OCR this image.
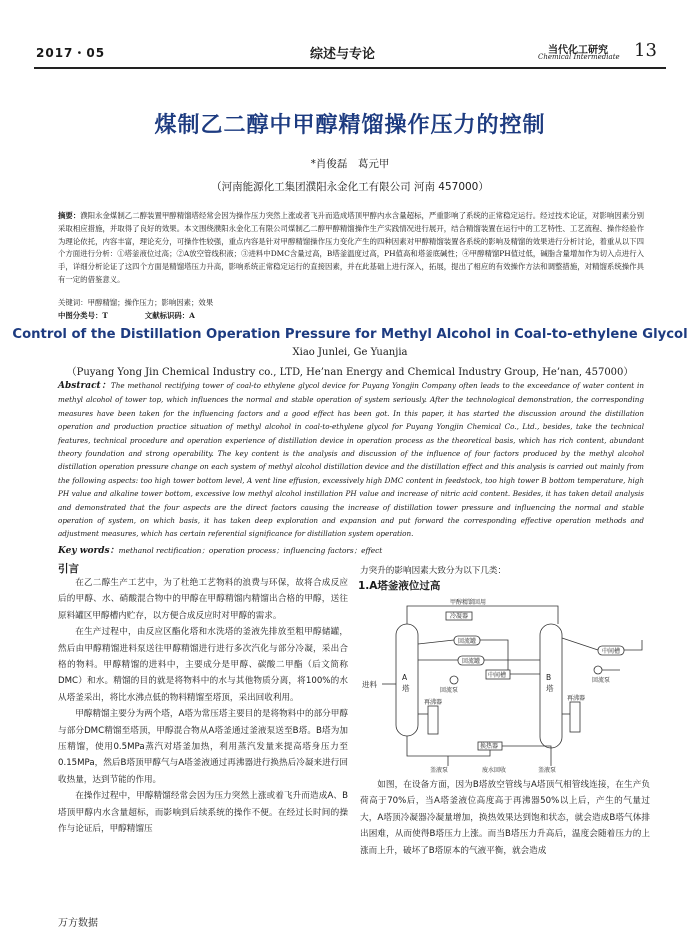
2017・05	综述与专论	当代化工研究
Chemical Intermediate 13
煤制乙二醇中甲醇精馏操作压力的控制
*肖俊磊　葛元甲
（河南能源化工集团濮阳永金化工有限公司 河南 457000）
摘要：濮阳永金煤制乙二醇装置甲醇精馏塔经常会因为操作压力突然上涨或者飞升而造成塔顶甲醇内水含量超标，严重影响了系统的正常稳定运行。经过技术论证，对影响因素分别采取相应措施，并取得了良好的效果。本文围绕濮阳永金化工有限公司煤制乙二醇甲醇精馏操作生产实践情况进行展开，结合精馏装置在运行中的工艺特性、工艺流程、操作经验作为理论依托，内容丰富，理论充分，可操作性较强，重点内容是针对甲醇精馏操作压力变化产生的四种因素对甲醇精馏装置各系统的影响及精馏的效果进行分析讨论，着重从以下四个方面进行分析：①塔釜液位过高；②A放空管线积液；③进料中DMC含量过高，B塔釜温度过高，PH值高和塔釜底碱性；④甲醇精馏PH值过低，碱脂含量增加作为切入点进行入手，详细分析论证了这四个方面是精馏塔压力升高，影响系统正常稳定运行的直接因素，并在此基础上进行深入，拓展，提出了相应的有效操作方法和调整措施，对精馏系统操作具有一定的借鉴意义。
关键词：甲醇精馏；操作压力；影响因素；效果
中图分类号：T　　　　　文献标识码：A
Control of the Distillation Operation Pressure for Methyl Alcohol in Coal-to-ethylene Glycol
Xiao Junlei, Ge Yuanjia
（Puyang Yong Jin Chemical Industry co., LTD, He’nan Energy and Chemical Industry Group, He’nan, 457000）
Abstract：The methanol rectifying tower of coal-to ethylene glycol device for Puyang Yongjin Company often leads to the exceedance of water content in methyl alcohol of tower top, which influences the normal and stable operation of system seriously. After the technological demonstration, the corresponding measures have been taken for the influencing factors and a good effect has been got. In this paper, it has started the discussion around the distillation operation and production practice situation of methyl alcohol in coal-to-ethylene glycol for Puyang Yongjin Chemical Co., Ltd., besides, take the technical features, technical procedure and operation experience of distillation device in operation process as the theoretical basis, which has rich content, abundant theory foundation and strong operability. The key content is the analysis and discussion of the influence of four factors produced by the methyl alcohol distillation operation pressure change on each system of methyl alcohol distillation device and the distillation effect and this analysis is carried out mainly from the following aspects: too high tower bottom level, A vent line effusion, excessively high DMC content in feedstock, too high tower B bottom temperature, high PH value and alkaline tower bottom, excessive low methyl alcohol instillation PH value and increase of nitric acid content. Besides, it has taken detail analysis and demonstrated that the four aspects are the direct factors causing the increase of distillation tower pressure and influencing the normal and stable operation of system, on which basis, it has taken deep exploration and expansion and put forward the corresponding effective operation methods and adjustment measures, which has certain referential significance for distillation system operation.
Key words：methanol rectification；operation process；influencing factors；effect
引言

在乙二醇生产工艺中，为了杜绝工艺物料的浪费与环保，故将合成反应后的甲醇、水、硝酸混合物中的甲醇在甲醇精馏内精馏出合格的甲醇，送往原料罐区甲醇槽内贮存，以方便合成反应时对甲醇的需求。

在生产过程中，由反应区酯化塔和水洗塔的釜液先排放至粗甲醇储罐，然后由甲醇精馏进料泵送往甲醇精馏进行进行多次汽化与部分冷凝，采出合格的物料。甲醇精馏的进料中，主要成分是甲醇、碳酸二甲酯（后文简称DMC）和水。精馏的目的就是将物料中的水与其他物质分离，将100%的水从塔釜采出，将比水沸点低的物料精馏至塔顶，采出回收利用。

甲醇精馏主要分为两个塔，A塔为常压塔主要目的是将物料中的部分甲醇与部分DMC精馏至塔顶，甲醇混合物从A塔釜通过釜液泵送至B塔。B塔为加压精馏，使用0.5MPa蒸汽对塔釜加热，利用蒸汽发量来提高塔身压力至0.15MPa，然后B塔顶甲醇气与A塔釜液通过再沸器进行换热后冷凝来进行回收热量，达到节能的作用。

在操作过程中，甲醇精馏经常会因为压力突然上涨或着飞升而造成A、B塔顶甲醇内水含量超标，而影响到后续系统的操作不便。在经过长时间的操作与论证后，甲醇精馏压

力突升的影响因素大致分为以下几类：
1.A塔釜液位过高
甲醇精馏回用
冷凝器
回流罐
回流罐
中间槽
回流泵
再沸器
再沸器
换热器
中间槽
回流泵
釜液泵	废水回收	釜液泵
进料
A 塔
B 塔

如图，在设备方面，因为B塔放空管线与A塔顶气相管线连接，在生产负荷高于70%后，当A塔釜液位高度高于再沸器50%以上后，产生的气量过大，A塔顶冷凝器冷凝量增加，换热效果达到饱和状态，就会造成B塔气体排出困难，从而使得B塔压力上涨。而当B塔压力升高后，温度会随着压力的上涨而上升，破坏了B塔原本的气液平衡，就会造成

万方数据
